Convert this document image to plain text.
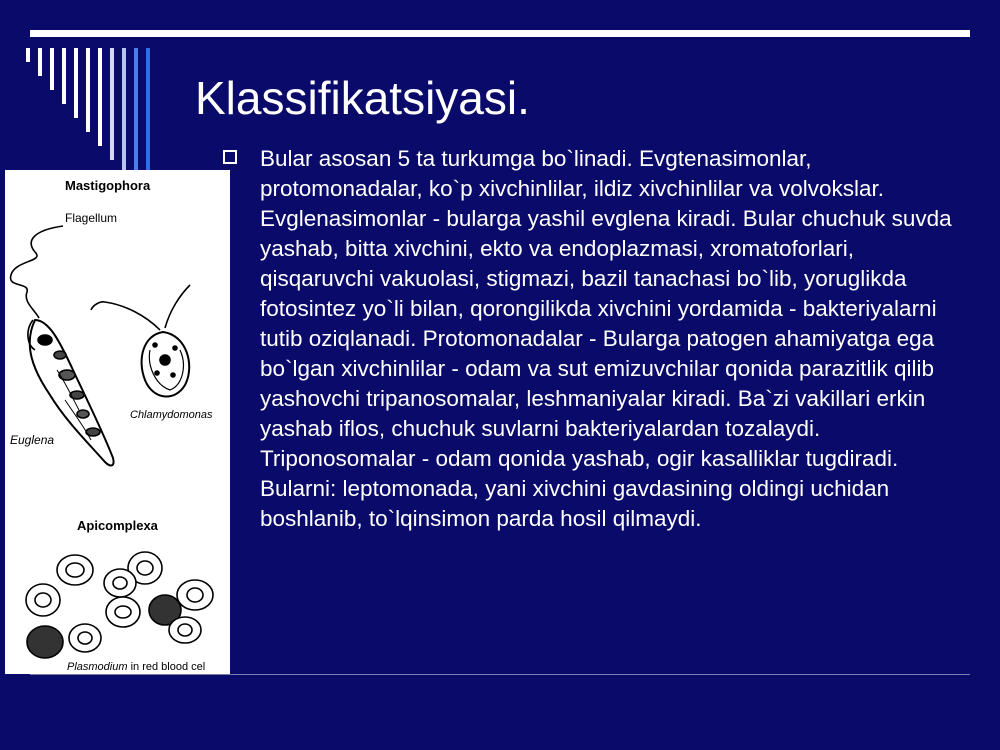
Klassifikatsiyasi.
Bular asosan 5 ta turkumga bo`linadi. Evgtenasimonlar, protomonadalar, ko`p xivchinlilar, ildiz xivchinlilar va volvokslar. Evglenasimonlar - bularga yashil evglena kiradi. Bular chuchuk suvda yashab, bitta xivchini, ekto va endoplazmasi, xromatoforlari, qisqaruvchi vakuolasi, stigmazi, bazil tanachasi bo`lib, yoruglikda fotosintez yo`li bilan, qorongilikda xivchini yordamida - bakteriyalarni tutib oziqlanadi. Protomonadalar - Bularga patogen ahamiyatga ega bo`lgan xivchinlilar - odam va sut emizuvchilar qonida parazitlik qilib yashovchi tripanosomalar, leshmaniyalar kiradi. Ba`zi vakillari erkin yashab iflos, chuchuk suvlarni bakteriyalardan tozalaydi. Triponosomalar - odam qonida yashab, ogir kasalliklar tugdiradi. Bularni: leptomonada, yani xivchini gavdasining oldingi uchidan boshlanib, to`lqinsimon parda hosil qilmaydi.
Mastigophora
Flagellum
Euglena
Chlamydomonas
Apicomplexa
Plasmodium in red blood cel
